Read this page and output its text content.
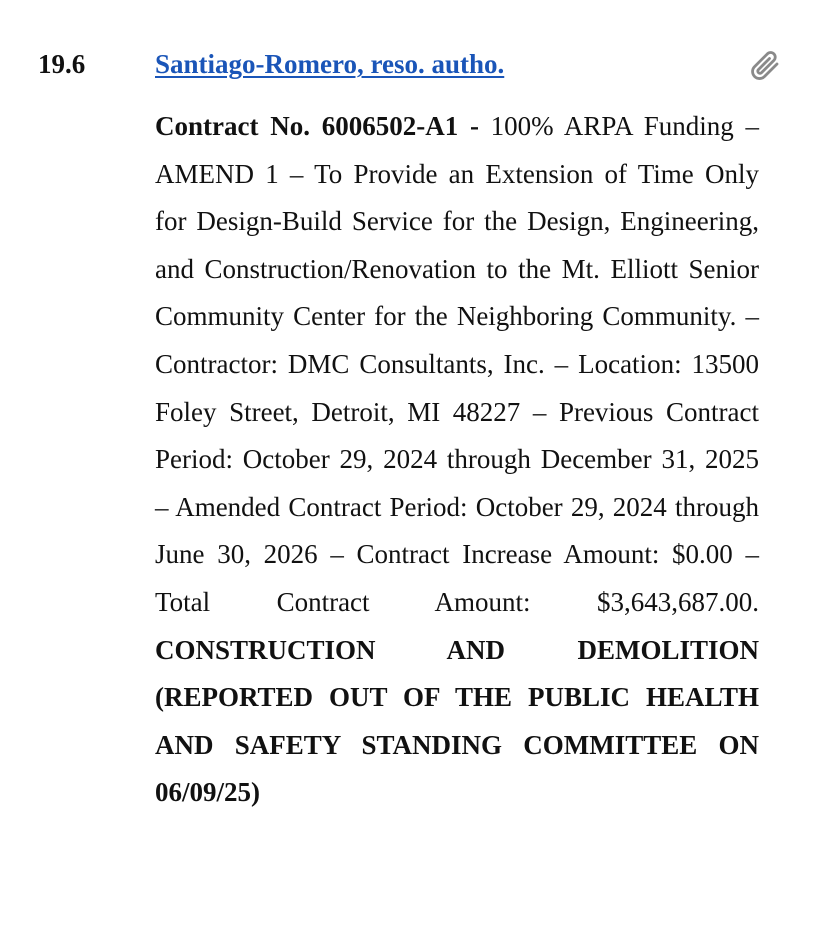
19.6	Santiago-Romero, reso. autho.

Contract No. 6006502-A1 - 100% ARPA Funding – AMEND 1 – To Provide an Extension of Time Only for Design-Build Service for the Design, Engineering, and Construction/Renovation to the Mt. Elliott Senior Community Center for the Neighboring Community. – Contractor: DMC Consultants, Inc. – Location: 13500 Foley Street, Detroit, MI 48227 – Previous Contract Period: October 29, 2024 through December 31, 2025 – Amended Contract Period: October 29, 2024 through June 30, 2026 – Contract Increase Amount: $0.00 – Total Contract Amount: $3,643,687.00. CONSTRUCTION AND DEMOLITION (REPORTED OUT OF THE PUBLIC HEALTH AND SAFETY STANDING COMMITTEE ON 06/09/25)
